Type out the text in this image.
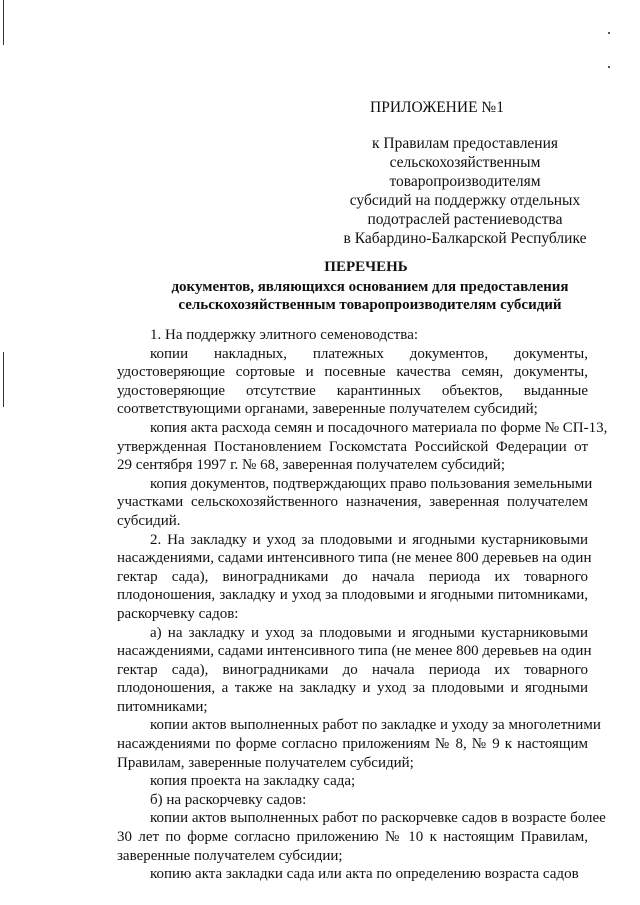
ПРИЛОЖЕНИЕ №1
к Правилам предоставления
сельскохозяйственным
товаропроизводителям
субсидий на поддержку отдельных
подотраслей растениеводства
в Кабардино-Балкарской Республике
ПЕРЕЧЕНЬ
документов, являющихся основанием для предоставления
сельскохозяйственным товаропроизводителям субсидий
1. На поддержку элитного семеноводства:
копии накладных, платежных документов, документы,
удостоверяющие сортовые и посевные качества семян, документы,
удостоверяющие отсутствие карантинных объектов, выданные
соответствующими органами, заверенные получателем субсидий;
копия акта расхода семян и посадочного материала по форме № СП-13,
утвержденная Постановлением Госкомстата Российской Федерации от
29 сентября 1997 г. № 68, заверенная получателем субсидий;
копия документов, подтверждающих право пользования земельными
участками сельскохозяйственного назначения, заверенная получателем
субсидий.
2. На закладку и уход за плодовыми и ягодными кустарниковыми
насаждениями, садами интенсивного типа (не менее 800 деревьев на один
гектар сада), виноградниками до начала периода их товарного
плодоношения, закладку и уход за плодовыми и ягодными питомниками,
раскорчевку садов:
а) на закладку и уход за плодовыми и ягодными кустарниковыми
насаждениями, садами интенсивного типа (не менее 800 деревьев на один
гектар сада), виноградниками до начала периода их товарного
плодоношения, а также на закладку и уход за плодовыми и ягодными
питомниками;
копии актов выполненных работ по закладке и уходу за многолетними
насаждениями по форме согласно приложениям № 8, № 9 к настоящим
Правилам, заверенные получателем субсидий;
копия проекта на закладку сада;
б) на раскорчевку садов:
копии актов выполненных работ по раскорчевке садов в возрасте более
30 лет по форме согласно приложению № 10 к настоящим Правилам,
заверенные получателем субсидии;
копию акта закладки сада или акта по определению возраста садов
